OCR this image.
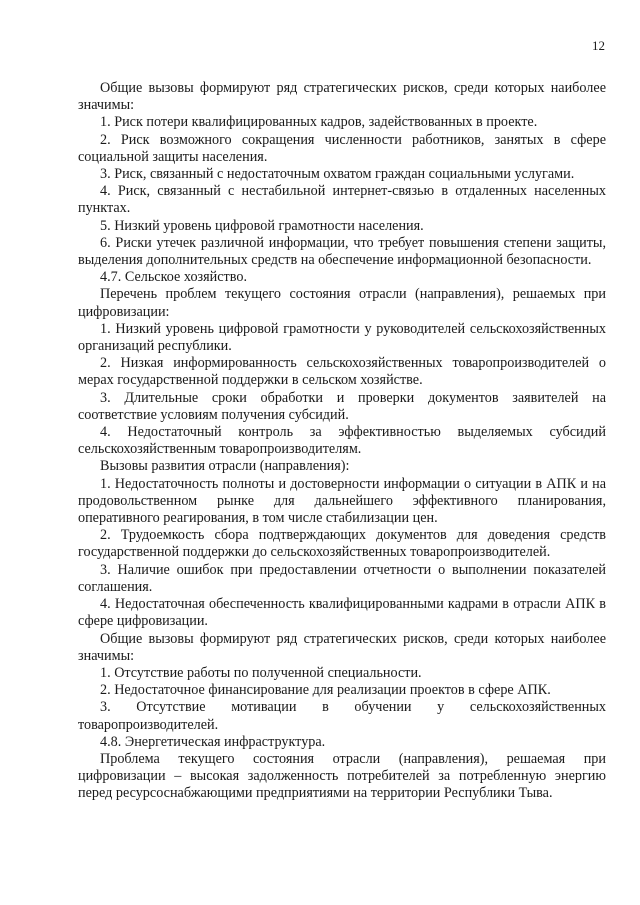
12

Общие вызовы формируют ряд стратегических рисков, среди которых наиболее значимы:

1. Риск потери квалифицированных кадров, задействованных в проекте.

2. Риск возможного сокращения численности работников, занятых в сфере социальной защиты населения.

3. Риск, связанный с недостаточным охватом граждан социальными услугами.

4. Риск, связанный с нестабильной интернет-связью в отдаленных населенных пунктах.

5. Низкий уровень цифровой грамотности населения.

6. Риски утечек различной информации, что требует повышения степени защиты, выделения дополнительных средств на обеспечение информационной безопасности.

4.7. Сельское хозяйство.

Перечень проблем текущего состояния отрасли (направления), решаемых при цифровизации:

1. Низкий уровень цифровой грамотности у руководителей сельскохозяйственных организаций республики.

2. Низкая информированность сельскохозяйственных товаропроизводителей о мерах государственной поддержки в сельском хозяйстве.

3. Длительные сроки обработки и проверки документов заявителей на соответствие условиям получения субсидий.

4. Недостаточный контроль за эффективностью выделяемых субсидий сельскохозяйственным товаропроизводителям.

Вызовы развития отрасли (направления):

1. Недостаточность полноты и достоверности информации о ситуации в АПК и на продовольственном рынке для дальнейшего эффективного планирования, оперативного реагирования, в том числе стабилизации цен.

2. Трудоемкость сбора подтверждающих документов для доведения средств государственной поддержки до сельскохозяйственных товаропроизводителей.

3. Наличие ошибок при предоставлении отчетности о выполнении показателей соглашения.

4. Недостаточная обеспеченность квалифицированными кадрами в отрасли АПК в сфере цифровизации.

Общие вызовы формируют ряд стратегических рисков, среди которых наиболее значимы:

1. Отсутствие работы по полученной специальности.

2. Недостаточное финансирование для реализации проектов в сфере АПК.

3. Отсутствие мотивации в обучении у сельскохозяйственных товаропроизводителей.

4.8. Энергетическая инфраструктура.

Проблема текущего состояния отрасли (направления), решаемая при цифровизации – высокая задолженность потребителей за потребленную энергию перед ресурсоснабжающими предприятиями на территории Республики Тыва.
